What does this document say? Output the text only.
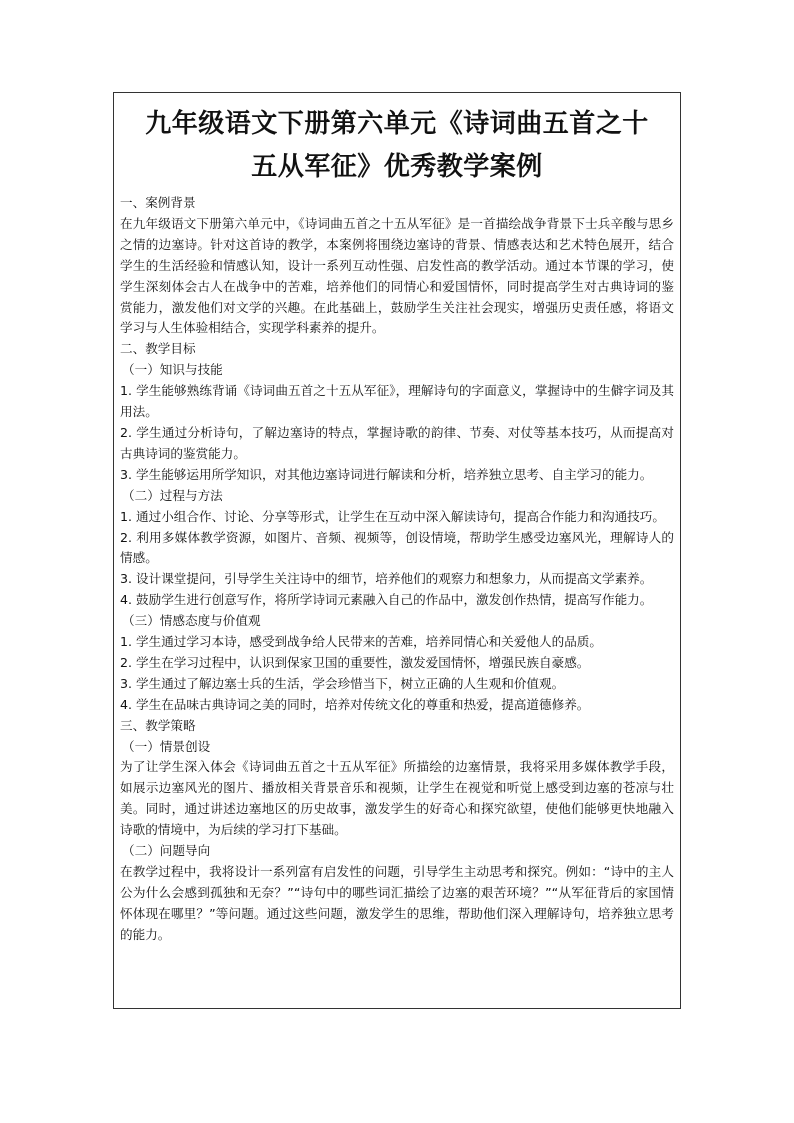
九年级语文下册第六单元《诗词曲五首之十
五从军征》优秀教学案例

一、案例背景

在九年级语文下册第六单元中，《诗词曲五首之十五从军征》是一首描绘战争背景下士兵辛酸与思乡之情的边塞诗。针对这首诗的教学，本案例将围绕边塞诗的背景、情感表达和艺术特色展开，结合学生的生活经验和情感认知，设计一系列互动性强、启发性高的教学活动。通过本节课的学习，使学生深刻体会古人在战争中的苦难，培养他们的同情心和爱国情怀，同时提高学生对古典诗词的鉴赏能力，激发他们对文学的兴趣。在此基础上，鼓励学生关注社会现实，增强历史责任感，将语文学习与人生体验相结合，实现学科素养的提升。

二、教学目标

（一）知识与技能

1. 学生能够熟练背诵《诗词曲五首之十五从军征》，理解诗句的字面意义，掌握诗中的生僻字词及其用法。

2. 学生通过分析诗句，了解边塞诗的特点，掌握诗歌的韵律、节奏、对仗等基本技巧，从而提高对古典诗词的鉴赏能力。

3. 学生能够运用所学知识，对其他边塞诗词进行解读和分析，培养独立思考、自主学习的能力。

（二）过程与方法

1. 通过小组合作、讨论、分享等形式，让学生在互动中深入解读诗句，提高合作能力和沟通技巧。

2. 利用多媒体教学资源，如图片、音频、视频等，创设情境，帮助学生感受边塞风光，理解诗人的情感。

3. 设计课堂提问，引导学生关注诗中的细节，培养他们的观察力和想象力，从而提高文学素养。

4. 鼓励学生进行创意写作，将所学诗词元素融入自己的作品中，激发创作热情，提高写作能力。

（三）情感态度与价值观

1. 学生通过学习本诗，感受到战争给人民带来的苦难，培养同情心和关爱他人的品质。

2. 学生在学习过程中，认识到保家卫国的重要性，激发爱国情怀，增强民族自豪感。

3. 学生通过了解边塞士兵的生活，学会珍惜当下，树立正确的人生观和价值观。

4. 学生在品味古典诗词之美的同时，培养对传统文化的尊重和热爱，提高道德修养。

三、教学策略

（一）情景创设

为了让学生深入体会《诗词曲五首之十五从军征》所描绘的边塞情景，我将采用多媒体教学手段，如展示边塞风光的图片、播放相关背景音乐和视频，让学生在视觉和听觉上感受到边塞的苍凉与壮美。同时，通过讲述边塞地区的历史故事，激发学生的好奇心和探究欲望，使他们能够更快地融入诗歌的情境中，为后续的学习打下基础。

（二）问题导向

在教学过程中，我将设计一系列富有启发性的问题，引导学生主动思考和探究。例如：“诗中的主人公为什么会感到孤独和无奈？”“诗句中的哪些词汇描绘了边塞的艰苦环境？”“从军征背后的家国情怀体现在哪里？”等问题。通过这些问题，激发学生的思维，帮助他们深入理解诗句，培养独立思考的能力。
